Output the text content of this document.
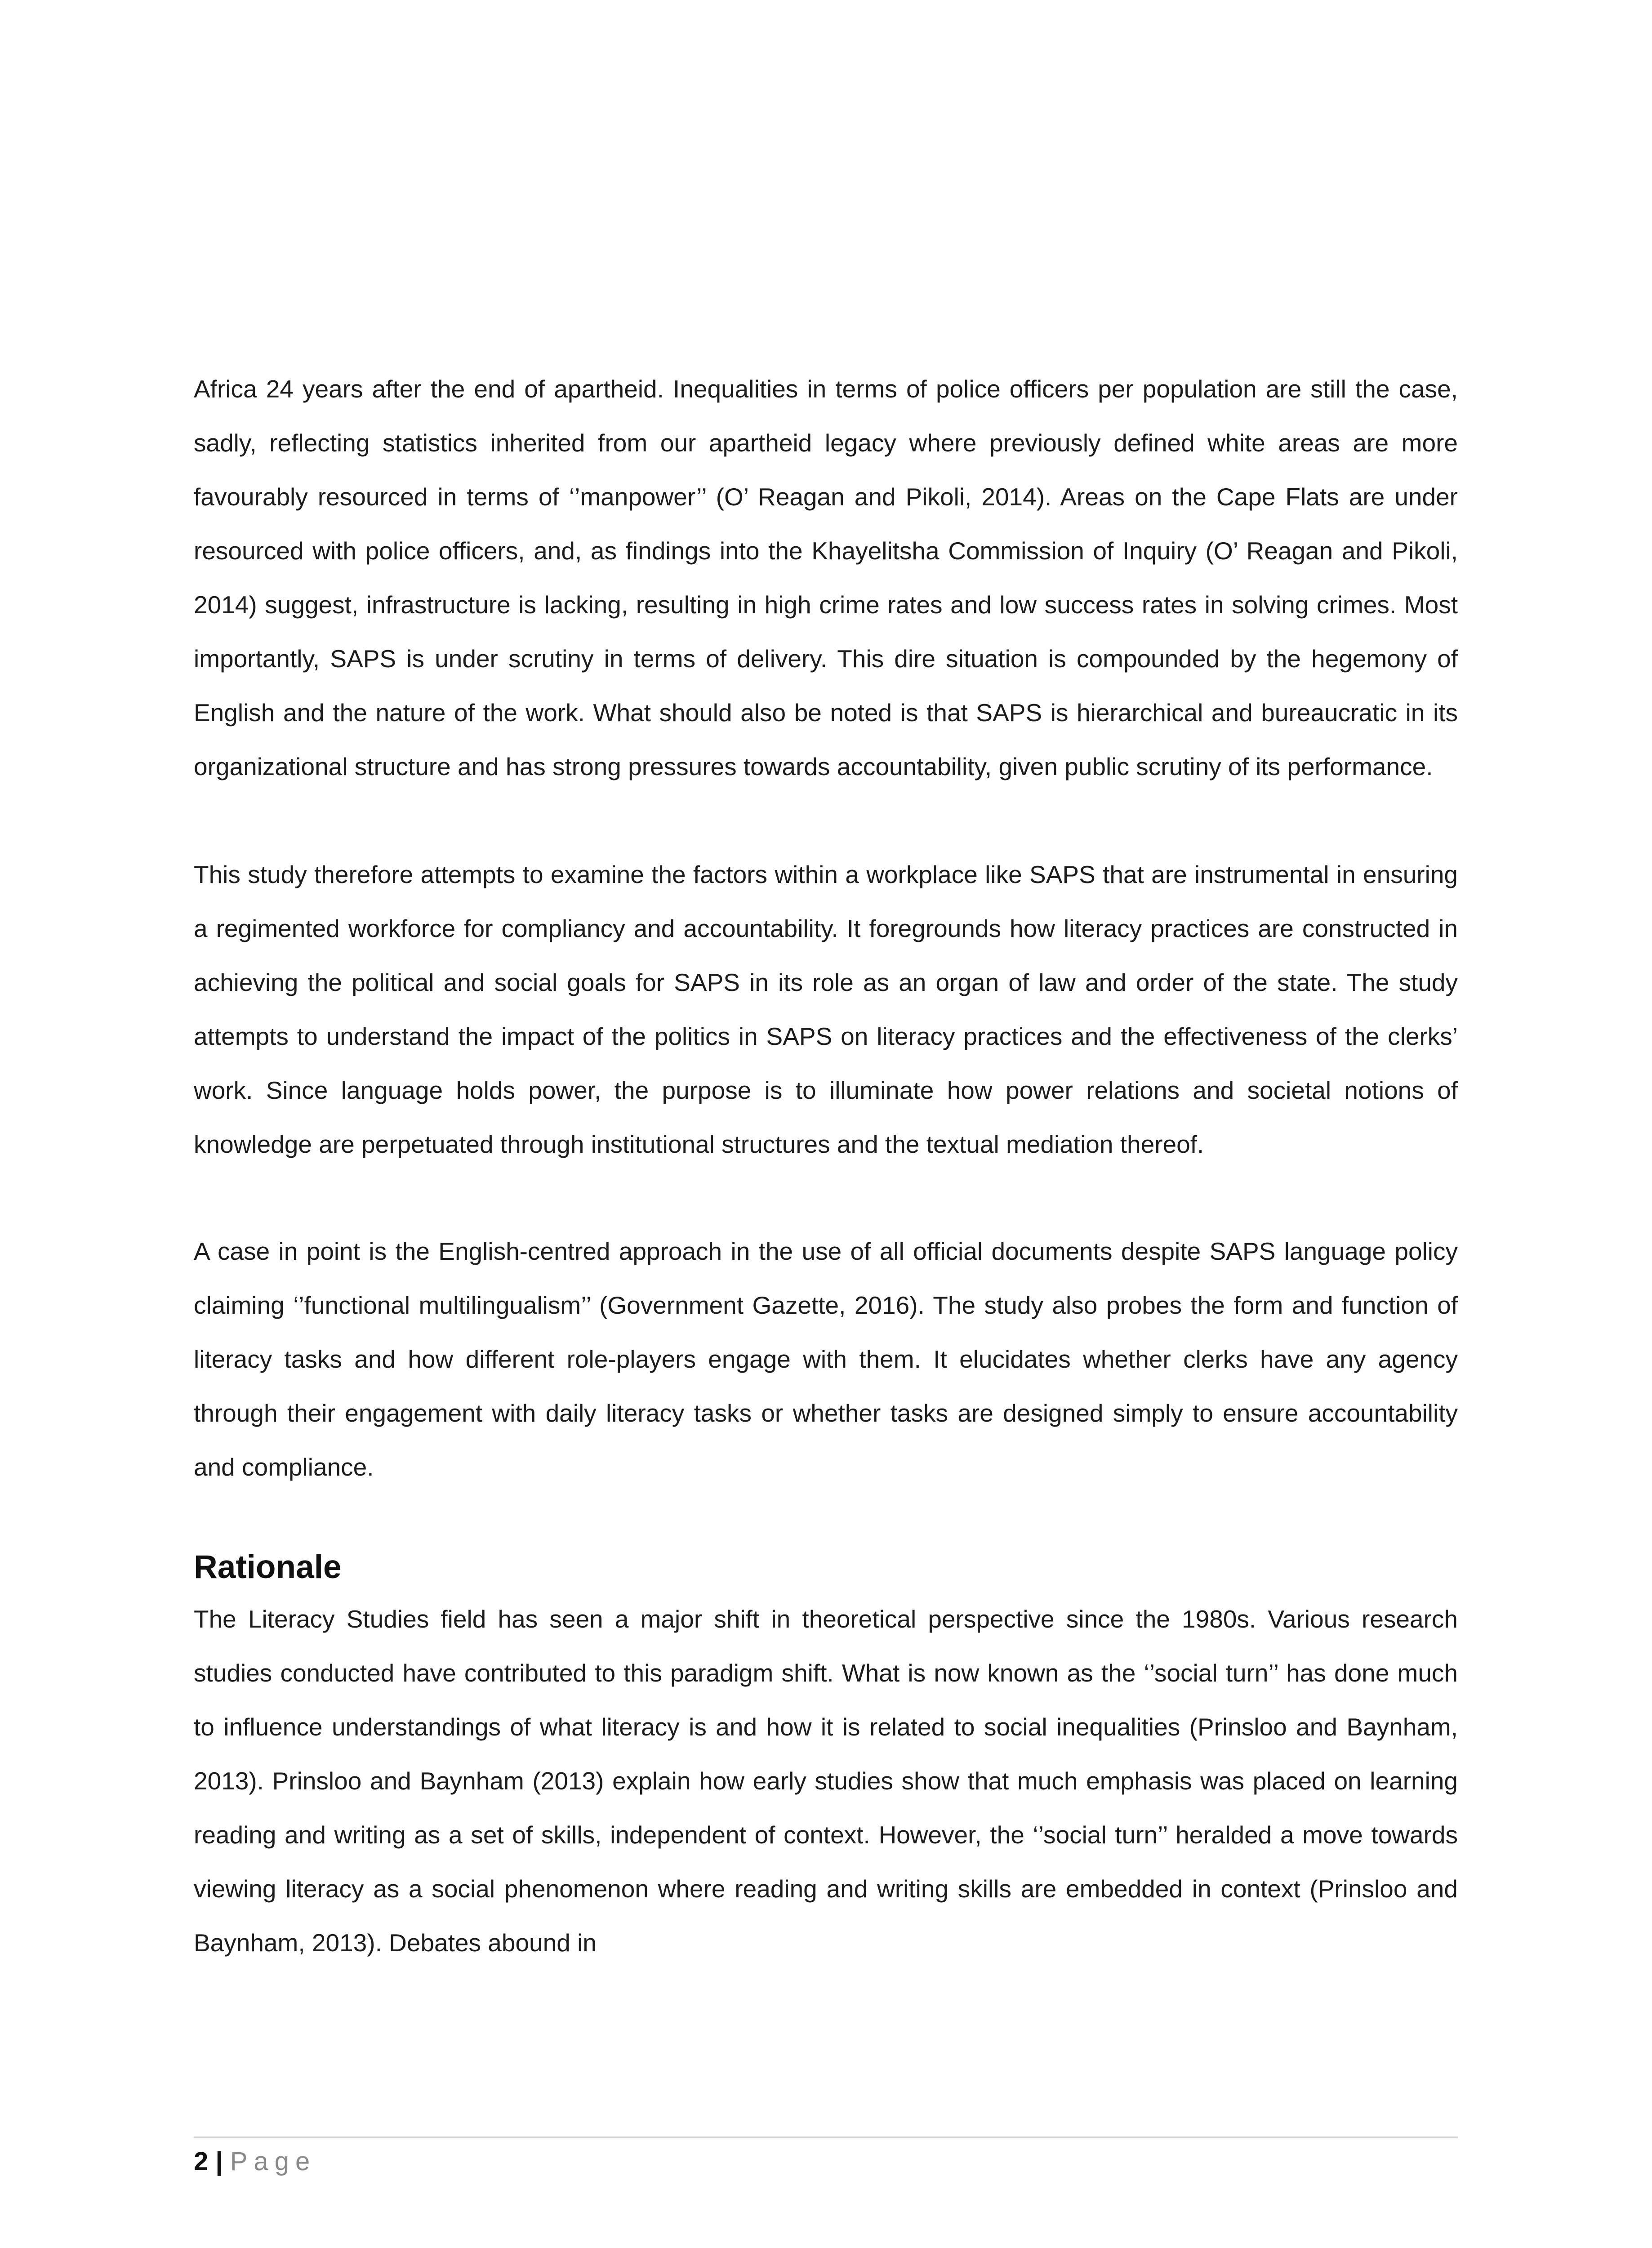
Africa 24 years after the end of apartheid. Inequalities in terms of police officers per population are still the case, sadly, reflecting statistics inherited from our apartheid legacy where previously defined white areas are more favourably resourced in terms of ‘’manpower’’ (O’ Reagan and Pikoli, 2014). Areas on the Cape Flats are under resourced with police officers, and, as findings into the Khayelitsha Commission of Inquiry (O’ Reagan and Pikoli, 2014) suggest, infrastructure is lacking, resulting in high crime rates and low success rates in solving crimes. Most importantly, SAPS is under scrutiny in terms of delivery. This dire situation is compounded by the hegemony of English and the nature of the work. What should also be noted is that SAPS is hierarchical and bureaucratic in its organizational structure and has strong pressures towards accountability, given public scrutiny of its performance.

This study therefore attempts to examine the factors within a workplace like SAPS that are instrumental in ensuring a regimented workforce for compliancy and accountability. It foregrounds how literacy practices are constructed in achieving the political and social goals for SAPS in its role as an organ of law and order of the state. The study attempts to understand the impact of the politics in SAPS on literacy practices and the effectiveness of the clerks’ work. Since language holds power, the purpose is to illuminate how power relations and societal notions of knowledge are perpetuated through institutional structures and the textual mediation thereof.

A case in point is the English-centred approach in the use of all official documents despite SAPS language policy claiming ‘’functional multilingualism’’ (Government Gazette, 2016). The study also probes the form and function of literacy tasks and how different role-players engage with them. It elucidates whether clerks have any agency through their engagement with daily literacy tasks or whether tasks are designed simply to ensure accountability and compliance.

Rationale

The Literacy Studies field has seen a major shift in theoretical perspective since the 1980s. Various research studies conducted have contributed to this paradigm shift. What is now known as the ‘’social turn’’ has done much to influence understandings of what literacy is and how it is related to social inequalities (Prinsloo and Baynham, 2013). Prinsloo and Baynham (2013) explain how early studies show that much emphasis was placed on learning reading and writing as a set of skills, independent of context. However, the ‘’social turn’’ heralded a move towards viewing literacy as a social phenomenon where reading and writing skills are embedded in context (Prinsloo and Baynham, 2013). Debates abound in

2 | Page
